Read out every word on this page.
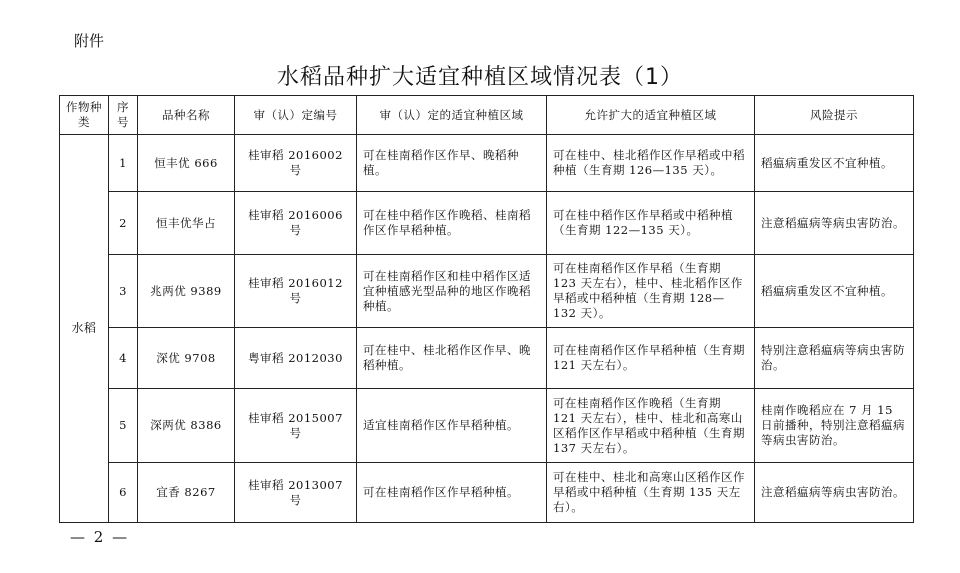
附件
水稻品种扩大适宜种植区域情况表（1）
作物种类	序号	品种名称	审（认）定编号	审（认）定的适宜种植区域	允许扩大的适宜种植区域	风险提示
水稻	1	恒丰优 666	桂审稻 2016002 号	可在桂南稻作区作早、晚稻种植。	可在桂中、桂北稻作区作早稻或中稻种植（生育期 126—135 天）。	稻瘟病重发区不宜种植。
	2	恒丰优华占	桂审稻 2016006 号	可在桂中稻作区作晚稻、桂南稻作区作早稻种植。	可在桂中稻作区作早稻或中稻种植（生育期 122—135 天）。	注意稻瘟病等病虫害防治。
	3	兆两优 9389	桂审稻 2016012 号	可在桂南稻作区和桂中稻作区适宜种植感光型品种的地区作晚稻种植。	可在桂南稻作区作早稻（生育期 123 天左右），桂中、桂北稻作区作早稻或中稻种植（生育期 128—132 天）。	稻瘟病重发区不宜种植。
	4	深优 9708	粤审稻 2012030	可在桂中、桂北稻作区作早、晚稻种植。	可在桂南稻作区作早稻种植（生育期 121 天左右）。	特别注意稻瘟病等病虫害防治。
	5	深两优 8386	桂审稻 2015007 号	适宜桂南稻作区作早稻种植。	可在桂南稻作区作晚稻（生育期 121 天左右），桂中、桂北和高寒山区稻作区作早稻或中稻种植（生育期 137 天左右）。	桂南作晚稻应在 7 月 15 日前播种，特别注意稻瘟病等病虫害防治。
	6	宜香 8267	桂审稻 2013007 号	可在桂南稻作区作早稻种植。	可在桂中、桂北和高寒山区稻作区作早稻或中稻种植（生育期 135 天左右）。	注意稻瘟病等病虫害防治。
— 2 —
